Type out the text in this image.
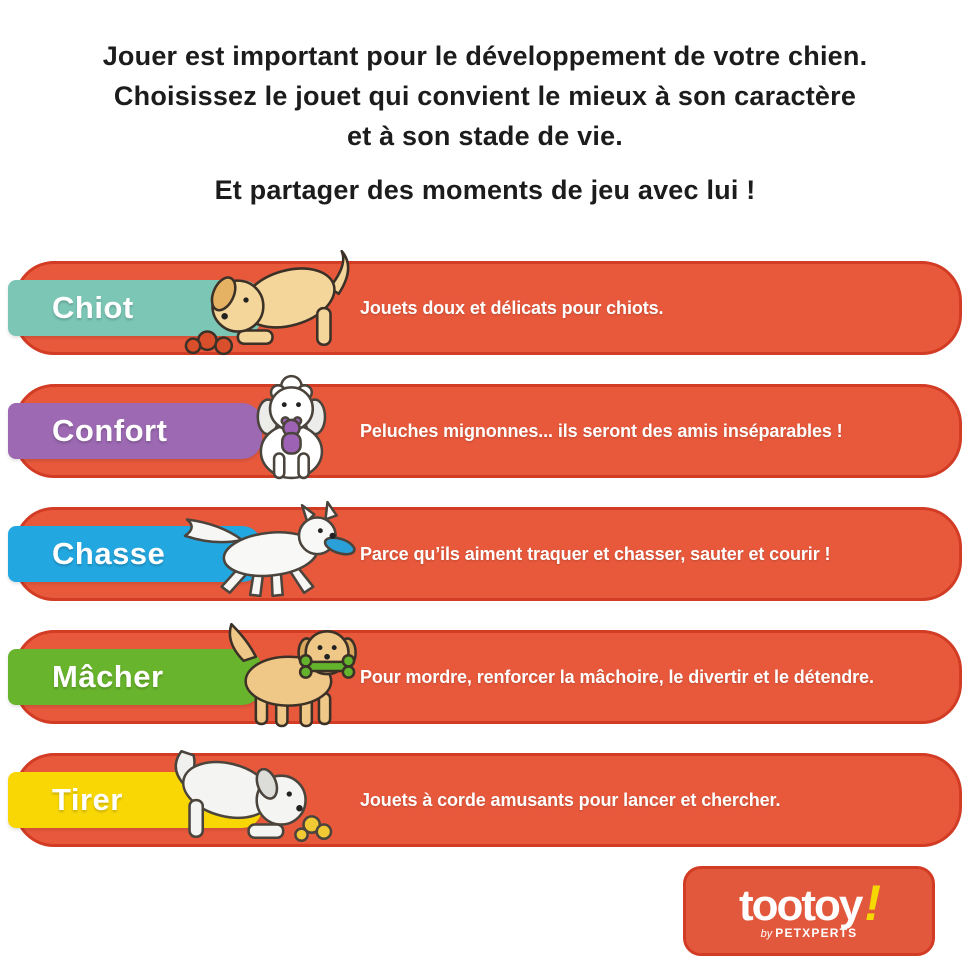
Jouer est important pour le développement de votre chien.
Choisissez le jouet qui convient le mieux à son caractère
et à son stade de vie.
Et partager des moments de jeu avec lui !
Chiot	Jouets doux et délicats pour chiots.
Confort	Peluches mignonnes... ils seront des amis inséparables !
Chasse	Parce qu’ils aiment traquer et chasser, sauter et courir !
Mâcher	Pour mordre, renforcer la mâchoire, le divertir et le détendre.
Tirer	Jouets à corde amusants pour lancer et chercher.
tootoy!
by PETXPERTS
